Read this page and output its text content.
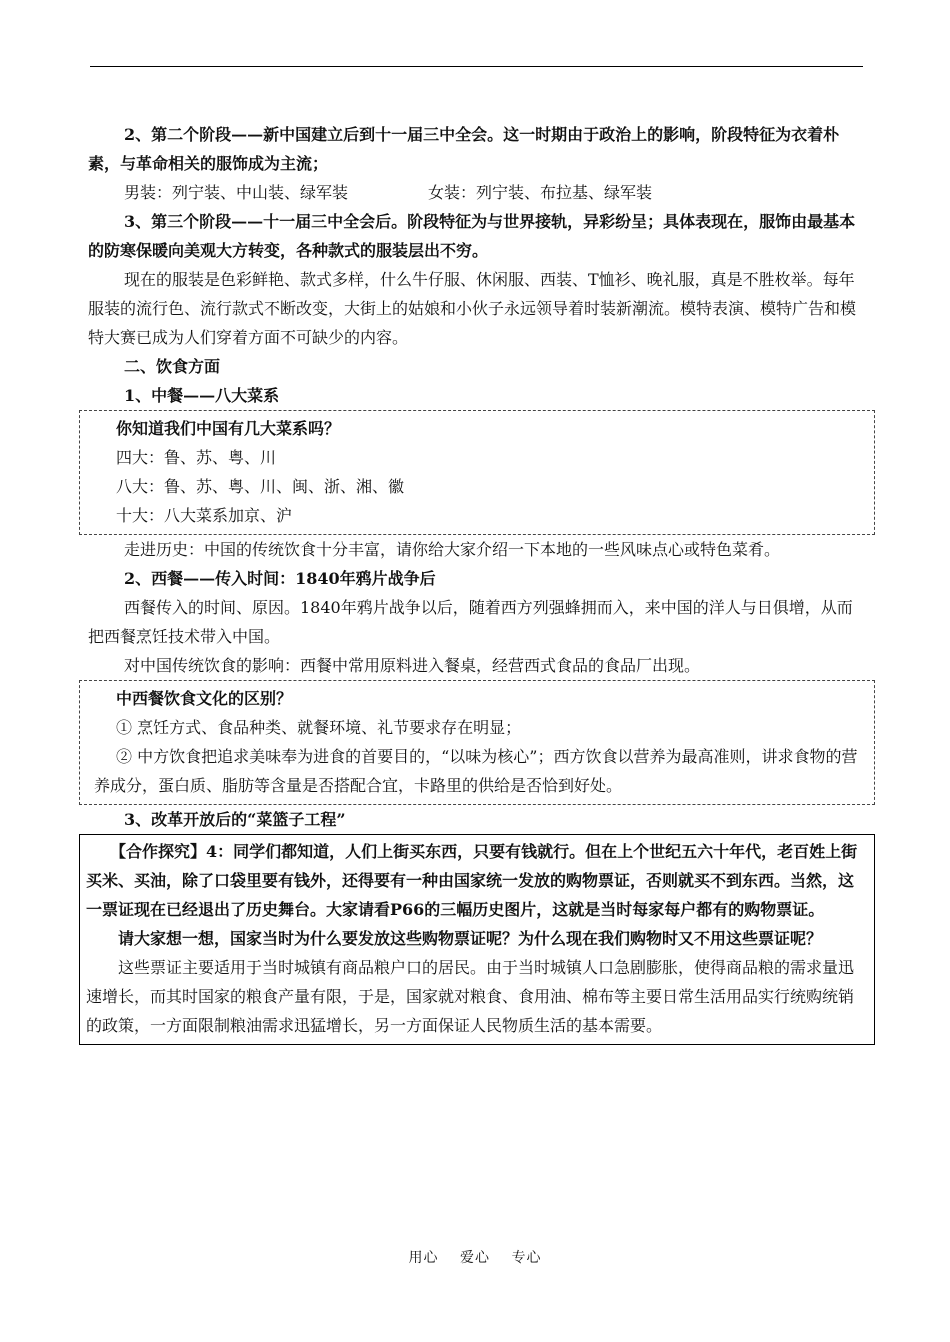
2、第二个阶段——新中国建立后到十一届三中全会。这一时期由于政治上的影响，阶段特征为衣着朴素，与革命相关的服饰成为主流；

男装：列宁装、中山装、绿军装	女装：列宁装、布拉基、绿军装

3、第三个阶段——十一届三中全会后。阶段特征为与世界接轨，异彩纷呈；具体表现在，服饰由最基本的防寒保暖向美观大方转变，各种款式的服装层出不穷。

现在的服装是色彩鲜艳、款式多样，什么牛仔服、休闲服、西装、T恤衫、晚礼服，真是不胜枚举。每年服装的流行色、流行款式不断改变，大街上的姑娘和小伙子永远领导着时装新潮流。模特表演、模特广告和模特大赛已成为人们穿着方面不可缺少的内容。

二、饮食方面

1、中餐——八大菜系

你知道我们中国有几大菜系吗？

四大：鲁、苏、粤、川

八大：鲁、苏、粤、川、闽、浙、湘、徽

十大：八大菜系加京、沪

走进历史：中国的传统饮食十分丰富，请你给大家介绍一下本地的一些风味点心或特色菜肴。

2、西餐——传入时间：1840年鸦片战争后

西餐传入的时间、原因。1840年鸦片战争以后，随着西方列强蜂拥而入，来中国的洋人与日俱增，从而把西餐烹饪技术带入中国。

对中国传统饮食的影响：西餐中常用原料进入餐桌，经营西式食品的食品厂出现。

中西餐饮食文化的区别？

① 烹饪方式、食品种类、就餐环境、礼节要求存在明显；

② 中方饮食把追求美味奉为进食的首要目的，“以味为核心”；西方饮食以营养为最高准则，讲求食物的营养成分，蛋白质、脂肪等含量是否搭配合宜，卡路里的供给是否恰到好处。

3、改革开放后的“菜篮子工程”

【合作探究】4：同学们都知道，人们上街买东西，只要有钱就行。但在上个世纪五六十年代，老百姓上街买米、买油，除了口袋里要有钱外，还得要有一种由国家统一发放的购物票证，否则就买不到东西。当然，这一票证现在已经退出了历史舞台。大家请看P66的三幅历史图片，这就是当时每家每户都有的购物票证。

请大家想一想，国家当时为什么要发放这些购物票证呢？为什么现在我们购物时又不用这些票证呢？

这些票证主要适用于当时城镇有商品粮户口的居民。由于当时城镇人口急剧膨胀，使得商品粮的需求量迅速增长，而其时国家的粮食产量有限，于是，国家就对粮食、食用油、棉布等主要日常生活用品实行统购统销的政策，一方面限制粮油需求迅猛增长，另一方面保证人民物质生活的基本需要。

用心 爱心 专心
